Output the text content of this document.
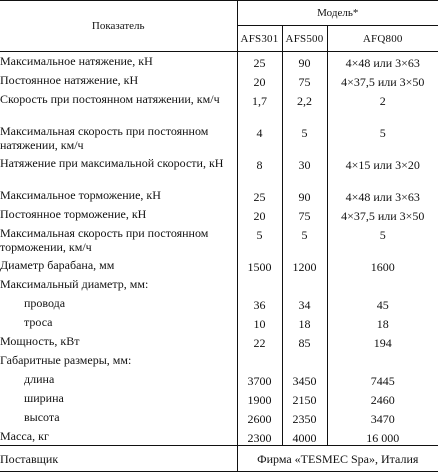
Показатель	Модель*		
	AFS301	AFS500	AFQ800
Максимальное натяжение, кН	25	90	4×48 или 3×63
Постоянное натяжение, кН	20	75	4×37,5 или 3×50
Скорость при постоянном натяжении, км/ч	1,7	2,2	2
Максимальная скорость при постоянном натяжении, км/ч	4	5	5
Натяжение при максимальной скорости, кН	8	30	4×15 или 3×20
Максимальное торможение, кН	25	90	4×48 или 3×63
Постоянное торможение, кН	20	75	4×37,5 или 3×50
Максимальная скорость при постоянном торможении, км/ч	5	5	5
Диаметр барабана, мм	1500	1200	1600
Максимальный диаметр, мм:			
провода	36	34	45
троса	10	18	18
Мощность, кВт	22	85	194
Габаритные размеры, мм:			
длина	3700	3450	7445
ширина	1900	2150	2460
высота	2600	2350	3470
Масса, кг	2300	4000	16 000
Поставщик	Фирма «TESMEC Spa», Италия		
